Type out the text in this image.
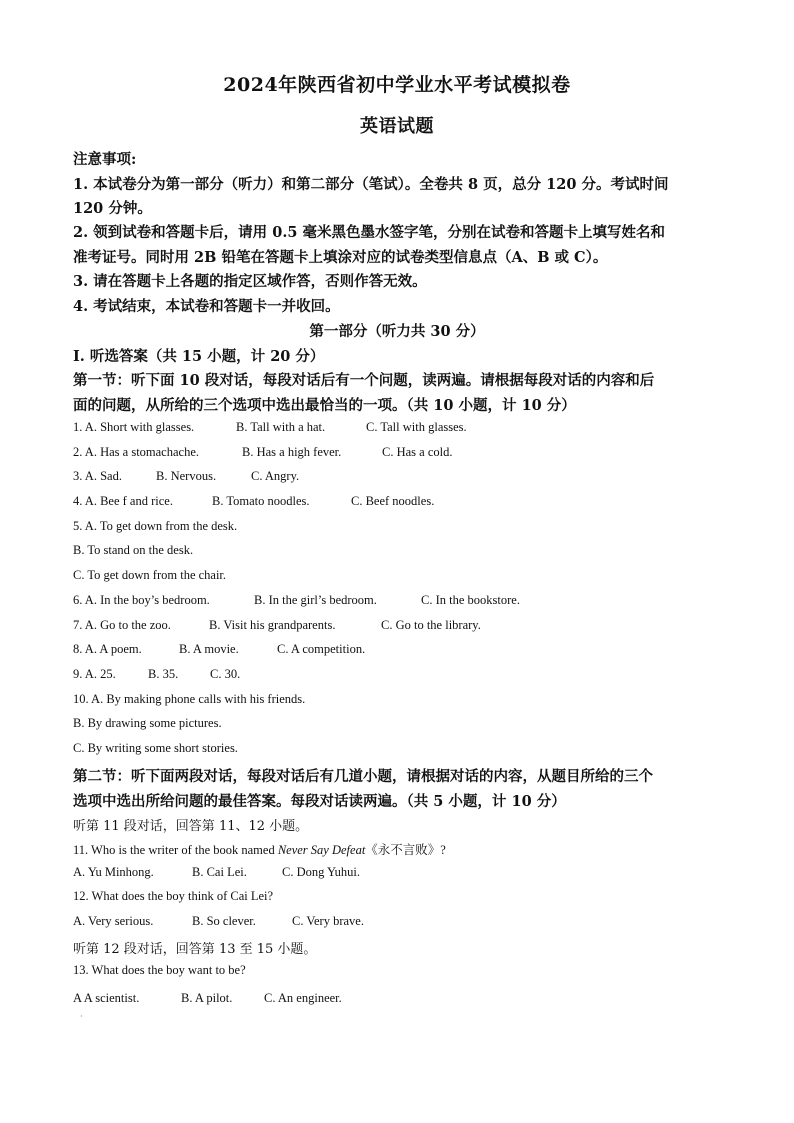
2024年陕西省初中学业水平考试模拟卷
英语试题
注意事项:
1. 本试卷分为第一部分（听力）和第二部分（笔试）。全卷共 8 页，总分 120 分。考试时间
120 分钟。
2. 领到试卷和答题卡后，请用 0.5 毫米黑色墨水签字笔，分别在试卷和答题卡上填写姓名和
准考证号。同时用 2B 铅笔在答题卡上填涂对应的试卷类型信息点（A、B 或 C）。
3. 请在答题卡上各题的指定区域作答，否则作答无效。
4. 考试结束，本试卷和答题卡一并收回。
第一部分（听力共 30 分）
I. 听选答案（共 15 小题，计 20 分）
第一节：听下面 10 段对话，每段对话后有一个问题，读两遍。请根据每段对话的内容和后
面的问题，从所给的三个选项中选出最恰当的一项。（共 10 小题，计 10 分）
1. A. Short with glasses.	B. Tall with a hat.	C. Tall with glasses.
2. A. Has a stomachache.	B. Has a high fever.	C. Has a cold.
3. A. Sad.	B. Nervous.	C. Angry.
4. A. Bee f and rice.	B. Tomato noodles.	C. Beef noodles.
5. A. To get down from the desk.
B. To stand on the desk.
C. To get down from the chair.
6. A. In the boy’s bedroom.	B. In the girl’s bedroom.	C. In the bookstore.
7. A. Go to the zoo.	B. Visit his grandparents.	C. Go to the library.
8. A. A poem.	B. A movie.	C. A competition.
9. A. 25.	B. 35.	C. 30.
10. A. By making phone calls with his friends.
B. By drawing some pictures.
C. By writing some short stories.
第二节：听下面两段对话，每段对话后有几道小题，请根据对话的内容，从题目所给的三个
选项中选出所给问题的最佳答案。每段对话读两遍。（共 5 小题，计 10 分）
听第 11 段对话，回答第 11、12 小题。
11. Who is the writer of the book named Never Say Defeat《永不言败》?
A. Yu Minhong.	B. Cai Lei.	C. Dong Yuhui.
12. What does the boy think of Cai Lei?
A. Very serious.	B. So clever.	C. Very brave.
听第 12 段对话，回答第 13 至 15 小题。
13. What does the boy want to be?
A A scientist.	B. A pilot.	C. An engineer.
·
